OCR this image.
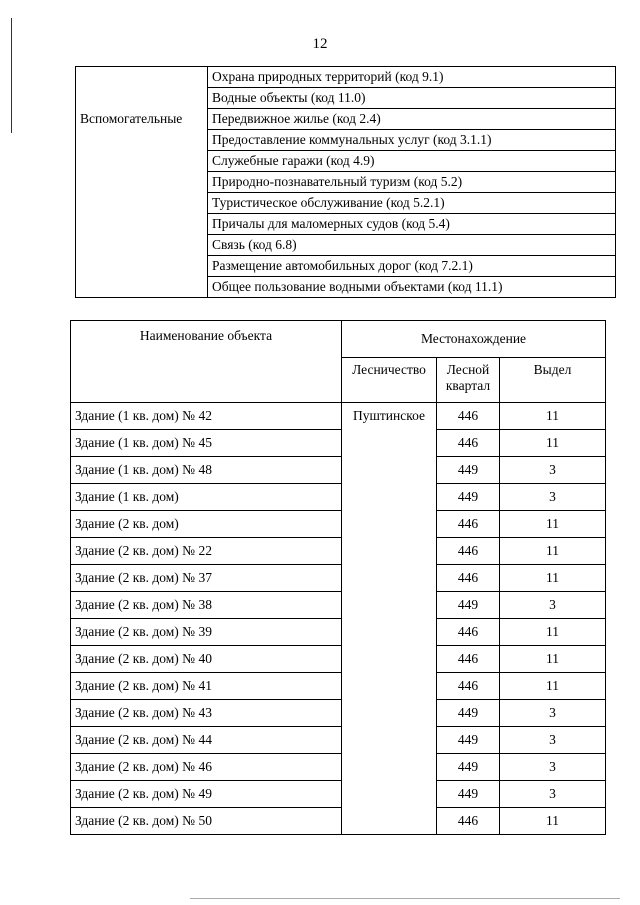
12
	Охрана природных территорий (код 9.1)
	Водные объекты (код 11.0)
Вспомогательные	Передвижное жилье (код 2.4)
	Предоставление коммунальных услуг (код 3.1.1)
	Служебные гаражи (код 4.9)
	Природно-познавательный туризм (код 5.2)
	Туристическое обслуживание (код 5.2.1)
	Причалы для маломерных судов (код 5.4)
	Связь (код 6.8)
	Размещение автомобильных дорог (код 7.2.1)
	Общее пользование водными объектами (код 11.1)
Наименование объекта	Местонахождение		
	Лесничество	Лесной квартал	Выдел
Здание (1 кв. дом) № 42	Пуштинское	446	11
Здание (1 кв. дом) № 45		446	11
Здание (1 кв. дом) № 48		449	3
Здание (1 кв. дом)		449	3
Здание (2 кв. дом)		446	11
Здание (2 кв. дом) № 22		446	11
Здание (2 кв. дом) № 37		446	11
Здание (2 кв. дом) № 38		449	3
Здание (2 кв. дом) № 39		446	11
Здание (2 кв. дом) № 40		446	11
Здание (2 кв. дом) № 41		446	11
Здание (2 кв. дом) № 43		449	3
Здание (2 кв. дом) № 44		449	3
Здание (2 кв. дом) № 46		449	3
Здание (2 кв. дом) № 49		449	3
Здание (2 кв. дом) № 50		446	11
